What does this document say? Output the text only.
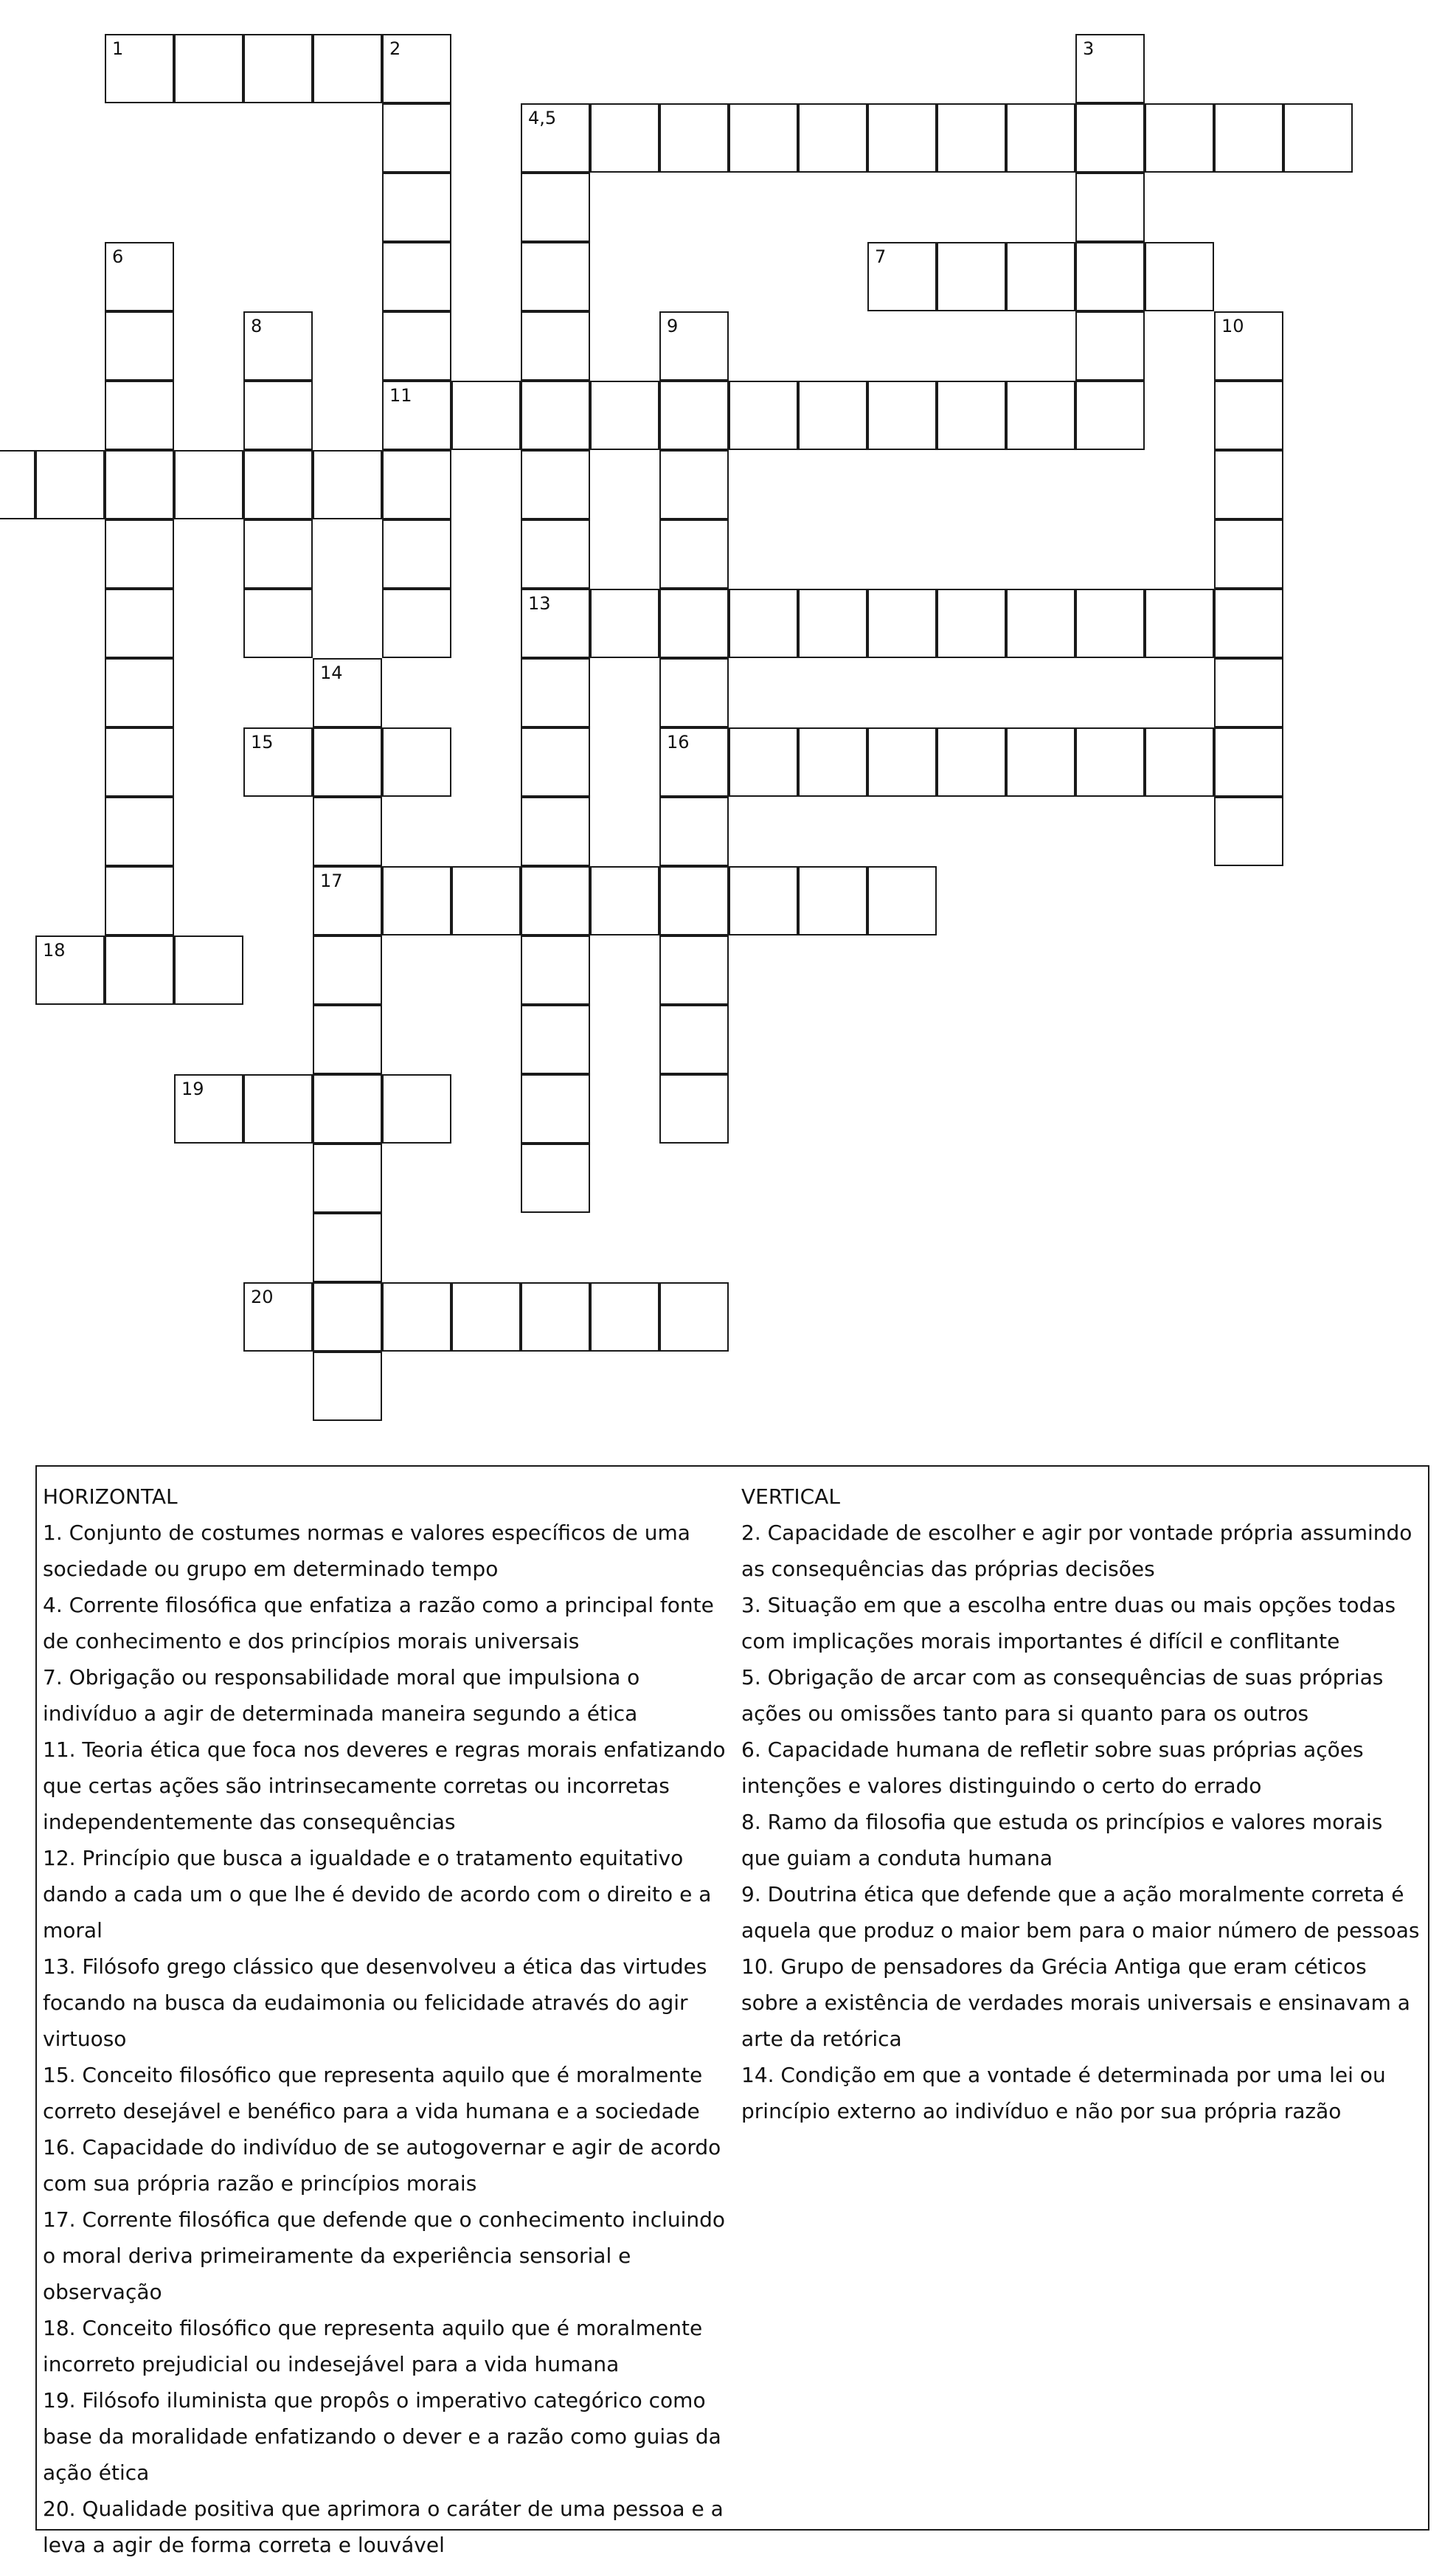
1	2	3
4,5
6	7
8	9	10
11
13
14
15	16
17
18
19
20
HORIZONTAL
1. Conjunto de costumes normas e valores específicos de uma sociedade ou grupo em determinado tempo
4. Corrente filosófica que enfatiza a razão como a principal fonte de conhecimento e dos princípios morais universais
7. Obrigação ou responsabilidade moral que impulsiona o indivíduo a agir de determinada maneira segundo a ética
11. Teoria ética que foca nos deveres e regras morais enfatizando que certas ações são intrinsecamente corretas ou incorretas independentemente das consequências
12. Princípio que busca a igualdade e o tratamento equitativo dando a cada um o que lhe é devido de acordo com o direito e a moral
13. Filósofo grego clássico que desenvolveu a ética das virtudes focando na busca da eudaimonia ou felicidade através do agir virtuoso
15. Conceito filosófico que representa aquilo que é moralmente correto desejável e benéfico para a vida humana e a sociedade
16. Capacidade do indivíduo de se autogovernar e agir de acordo com sua própria razão e princípios morais
17. Corrente filosófica que defende que o conhecimento incluindo o moral deriva primeiramente da experiência sensorial e observação
18. Conceito filosófico que representa aquilo que é moralmente incorreto prejudicial ou indesejável para a vida humana
19. Filósofo iluminista que propôs o imperativo categórico como base da moralidade enfatizando o dever e a razão como guias da ação ética
20. Qualidade positiva que aprimora o caráter de uma pessoa e a leva a agir de forma correta e louvável
VERTICAL
2. Capacidade de escolher e agir por vontade própria assumindo as consequências das próprias decisões
3. Situação em que a escolha entre duas ou mais opções todas com implicações morais importantes é difícil e conflitante
5. Obrigação de arcar com as consequências de suas próprias ações ou omissões tanto para si quanto para os outros
6. Capacidade humana de refletir sobre suas próprias ações intenções e valores distinguindo o certo do errado
8. Ramo da filosofia que estuda os princípios e valores morais que guiam a conduta humana
9. Doutrina ética que defende que a ação moralmente correta é aquela que produz o maior bem para o maior número de pessoas
10. Grupo de pensadores da Grécia Antiga que eram céticos sobre a existência de verdades morais universais e ensinavam a arte da retórica
14. Condição em que a vontade é determinada por uma lei ou princípio externo ao indivíduo e não por sua própria razão
